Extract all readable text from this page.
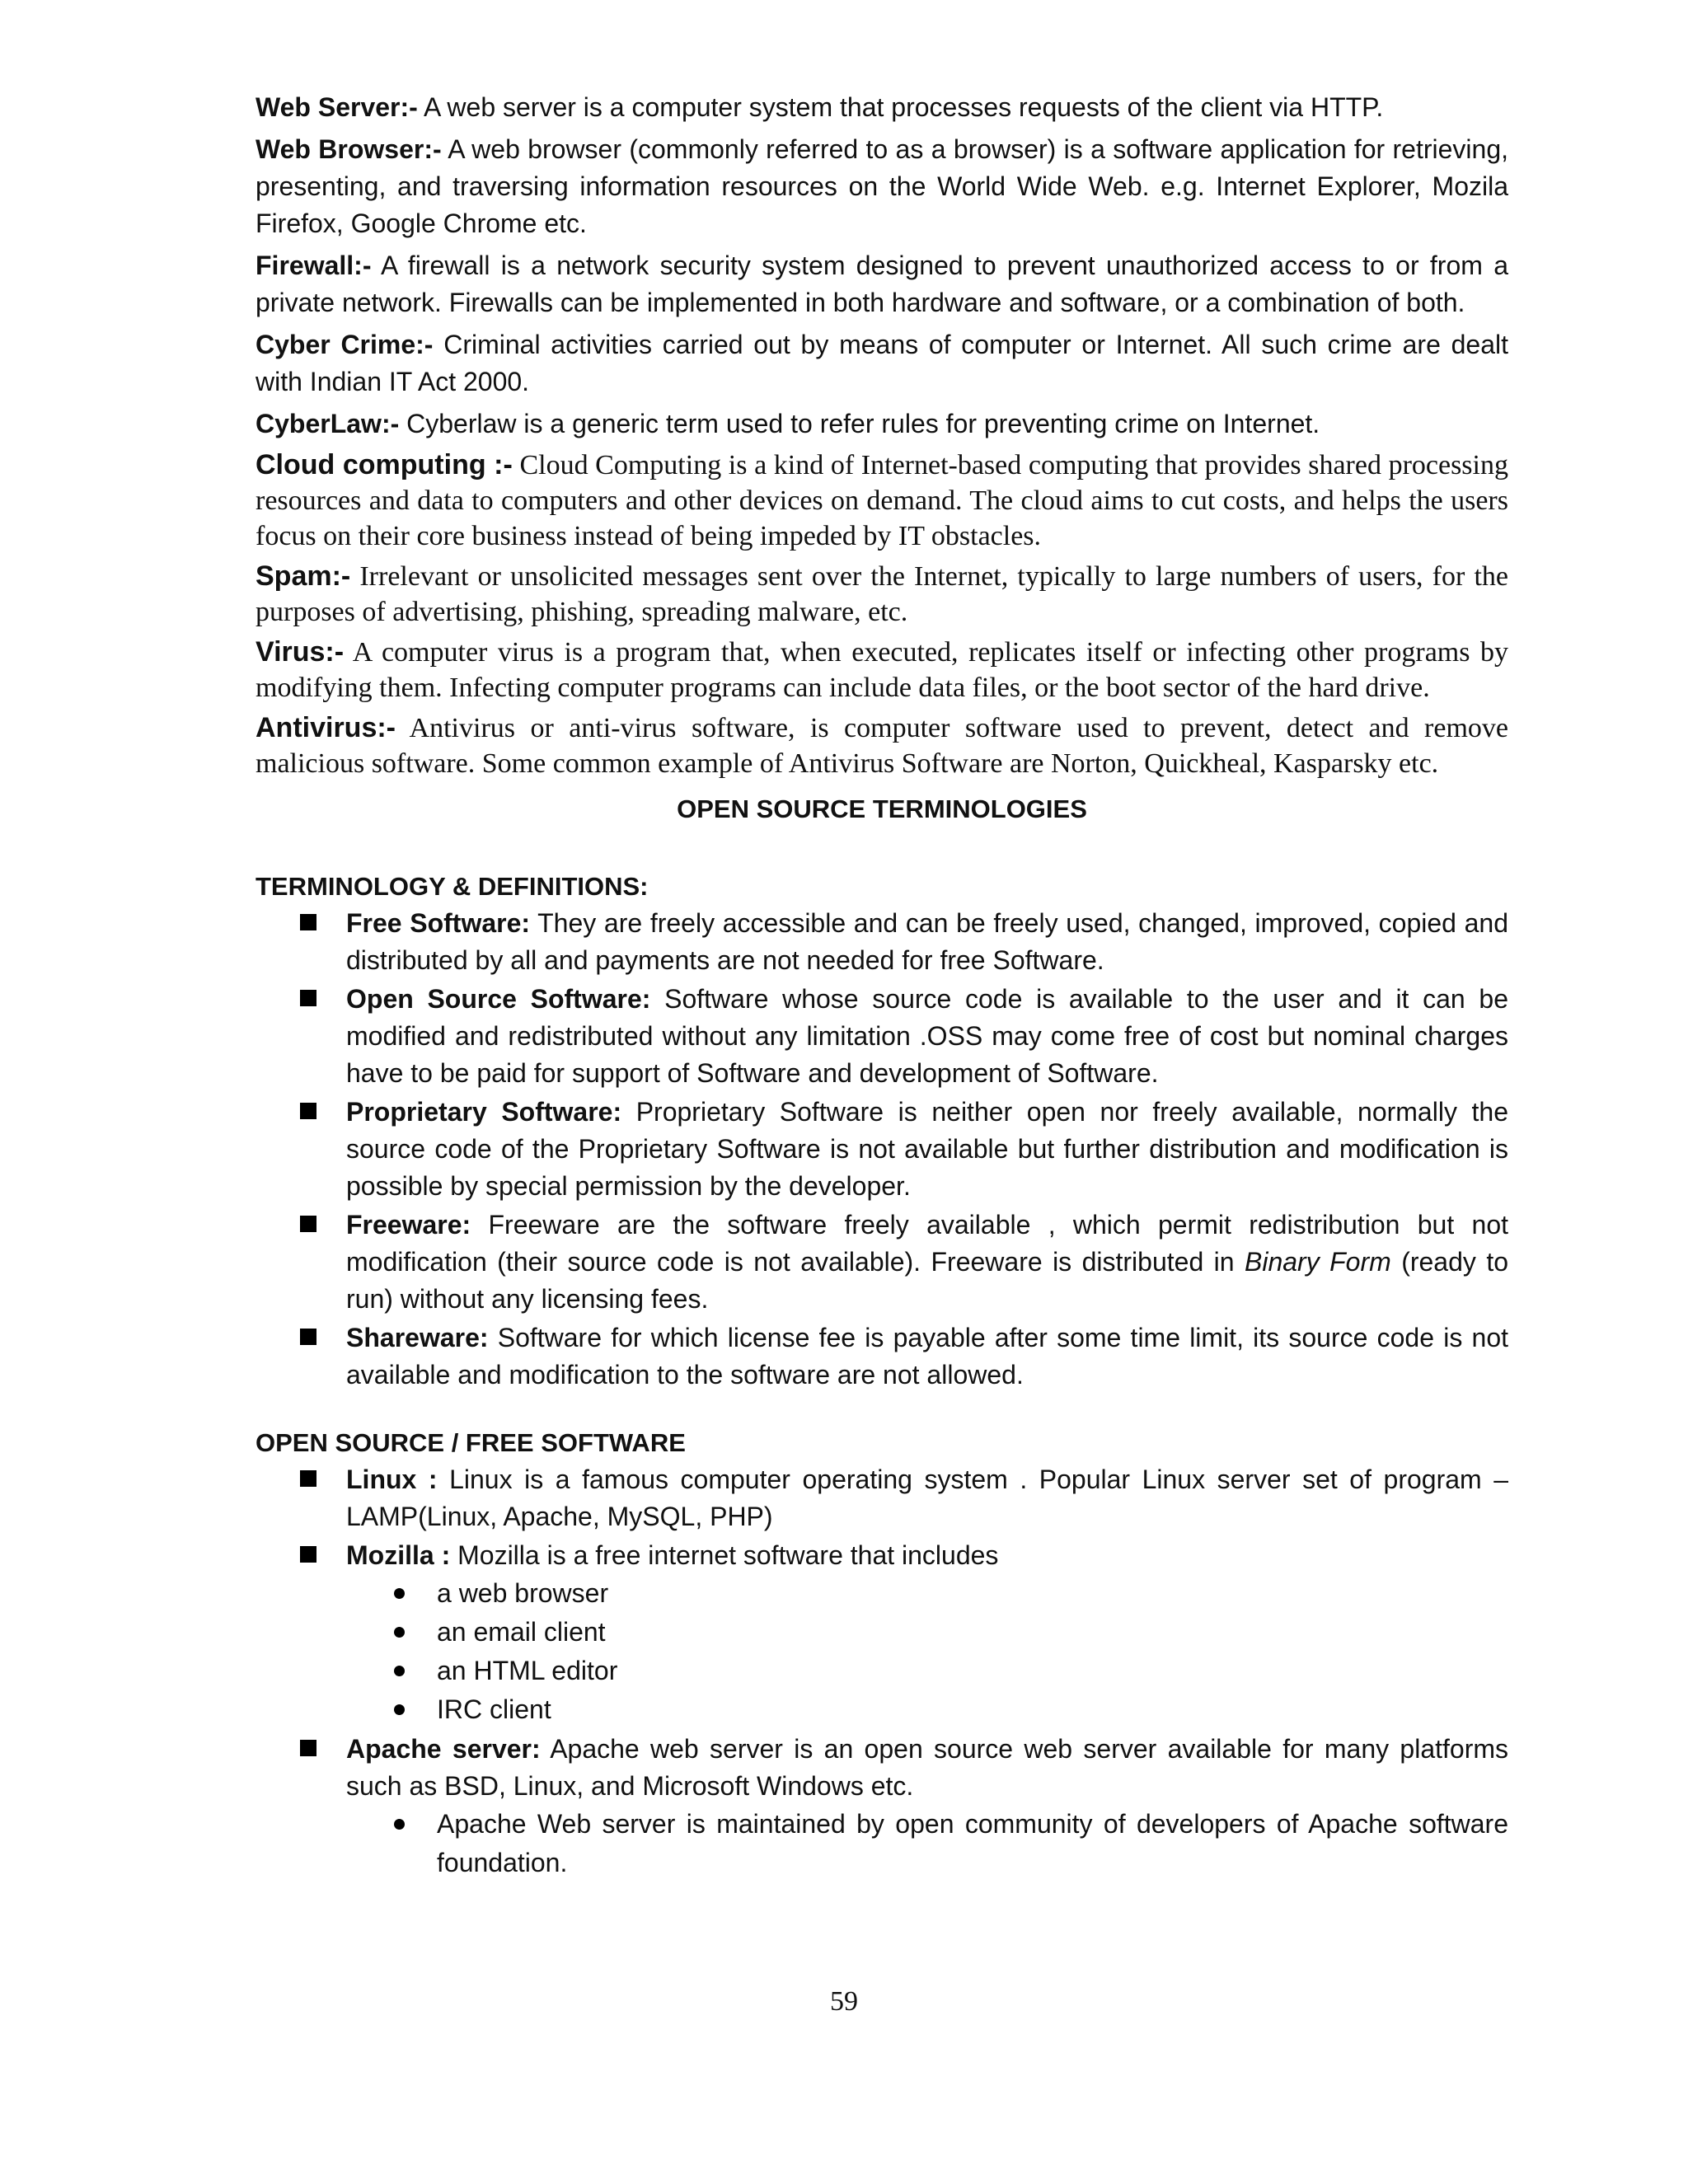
Web Server:- A web server is a computer system that processes requests of the client via HTTP.

Web Browser:- A web browser (commonly referred to as a browser) is a software application for retrieving, presenting, and traversing information resources on the World Wide Web. e.g. Internet Explorer, Mozila Firefox, Google Chrome etc.

Firewall:- A firewall is a network security system designed to prevent unauthorized access to or from a private network. Firewalls can be implemented in both hardware and software, or a combination of both.

Cyber Crime:- Criminal activities carried out by means of computer or Internet. All such crime are dealt with Indian IT Act 2000.

CyberLaw:- Cyberlaw is a generic term used to refer rules for preventing crime on Internet.

Cloud computing :- Cloud Computing is a kind of Internet-based computing that provides shared processing resources and data to computers and other devices on demand. The cloud aims to cut costs, and helps the users focus on their core business instead of being impeded by IT obstacles.

Spam:- Irrelevant or unsolicited messages sent over the Internet, typically to large numbers of users, for the purposes of advertising, phishing, spreading malware, etc.

Virus:- A computer virus is a program that, when executed, replicates itself or infecting other programs by modifying them. Infecting computer programs can include data files, or the boot sector of the hard drive.

Antivirus:- Antivirus or anti-virus software, is computer software used to prevent, detect and remove malicious software. Some common example of Antivirus Software are Norton, Quickheal, Kasparsky etc.

OPEN SOURCE TERMINOLOGIES
TERMINOLOGY & DEFINITIONS:
Free Software: They are freely accessible and can be freely used, changed, improved, copied and distributed by all and payments are not needed for free Software.
Open Source Software: Software whose source code is available to the user and it can be modified and redistributed without any limitation .OSS may come free of cost but nominal charges have to be paid for support of Software and development of Software.
Proprietary Software: Proprietary Software is neither open nor freely available, normally the source code of the Proprietary Software is not available but further distribution and modification is possible by special permission by the developer.
Freeware: Freeware are the software freely available , which permit redistribution but not modification (their source code is not available). Freeware is distributed in Binary Form (ready to run) without any licensing fees.
Shareware: Software for which license fee is payable after some time limit, its source code is not available and modification to the software are not allowed.
OPEN SOURCE / FREE SOFTWARE
Linux : Linux is a famous computer operating system . Popular Linux server set of program – LAMP(Linux, Apache, MySQL, PHP)
Mozilla : Mozilla is a free internet software that includes
a web browser
an email client
an HTML editor
IRC client
Apache server: Apache web server is an open source web server available for many platforms such as BSD, Linux, and Microsoft Windows etc.
Apache Web server is maintained by open community of developers of Apache software foundation.
59
